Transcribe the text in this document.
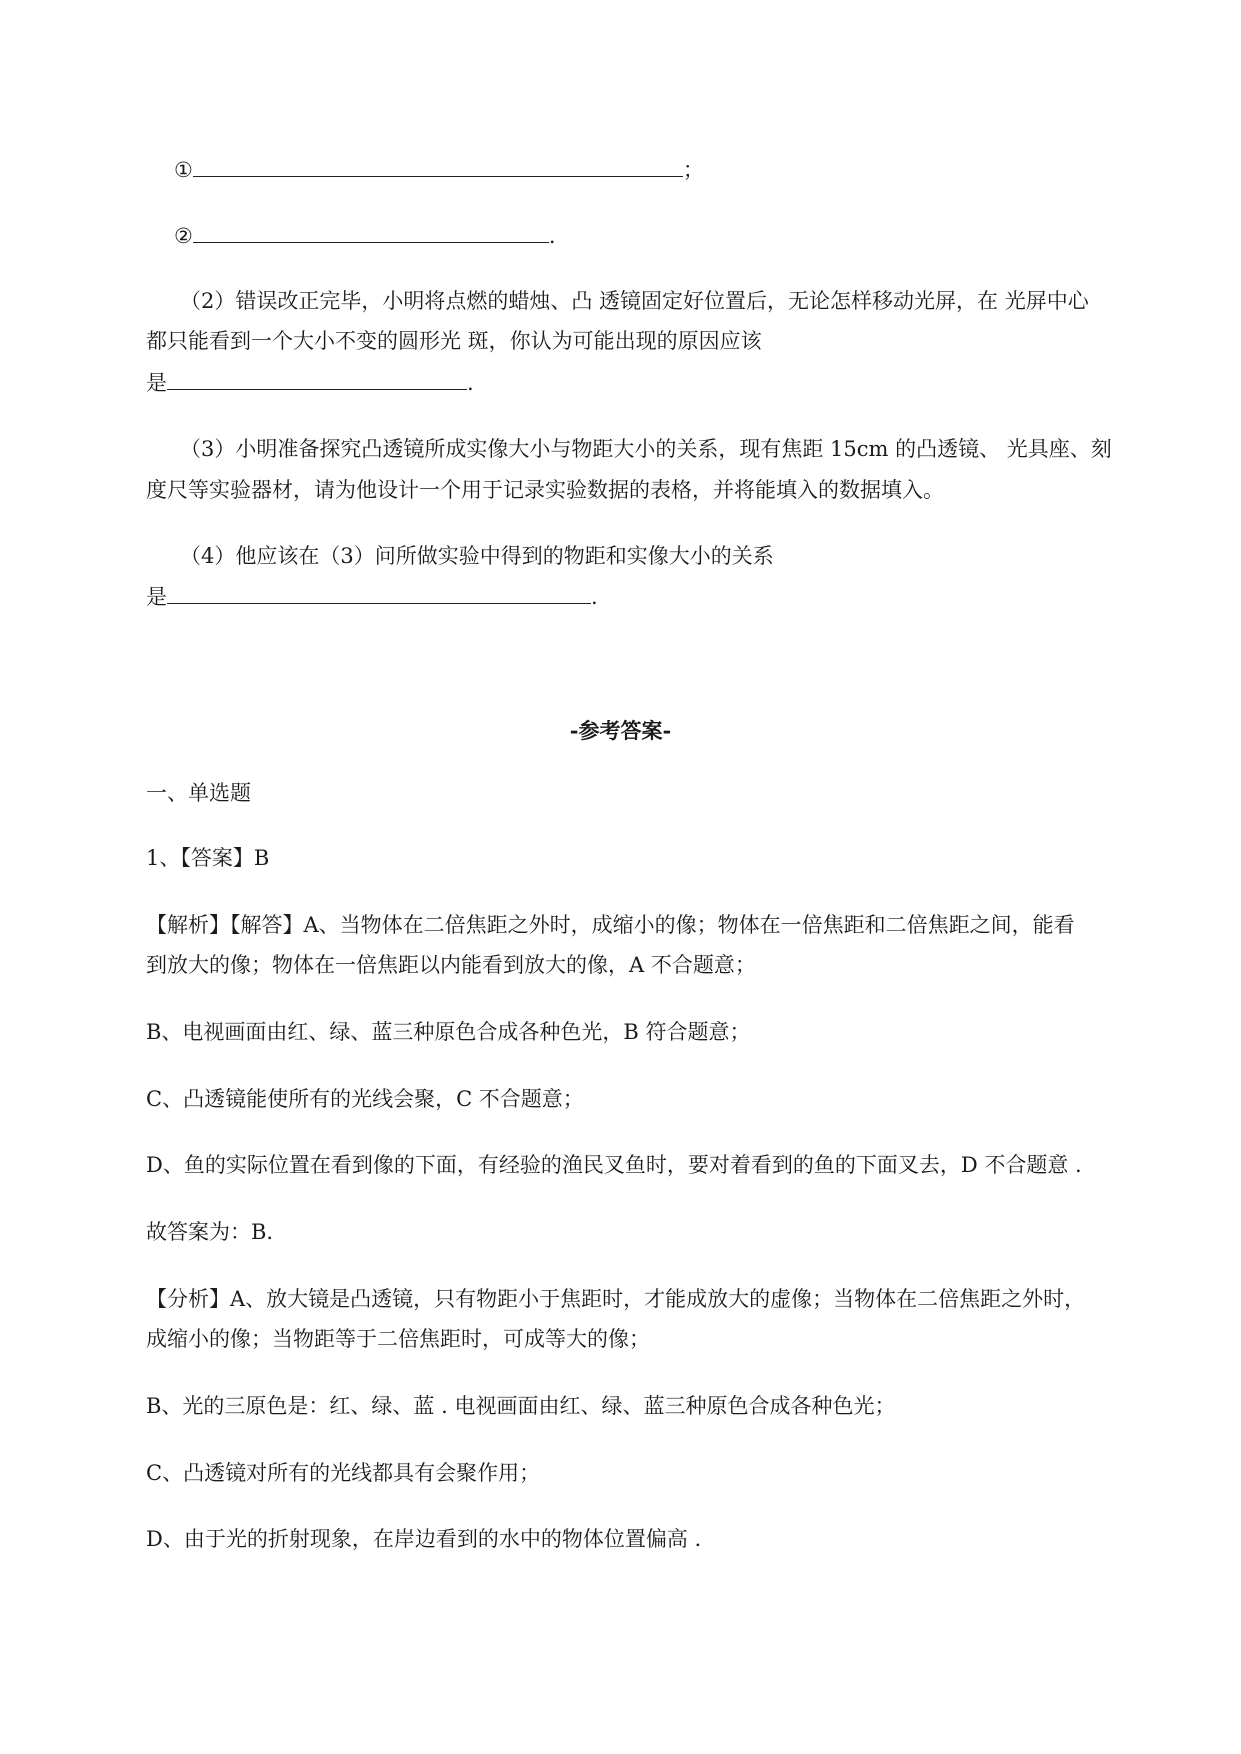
①	；
②	.
（2）错误改正完毕，小明将点燃的蜡烛、凸 透镜固定好位置后，无论怎样移动光屏，在 光屏中心
都只能看到一个大小不变的圆形光 斑，你认为可能出现的原因应该
是	.
（3）小明准备探究凸透镜所成实像大小与物距大小的关系，现有焦距 15cm 的凸透镜、 光具座、刻
度尺等实验器材，请为他设计一个用于记录实验数据的表格，并将能填入的数据填入。
（4）他应该在（3）问所做实验中得到的物距和实像大小的关系
是	.
-参考答案-
一、单选题
1、【答案】B
【解析】【解答】A、当物体在二倍焦距之外时，成缩小的像；物体在一倍焦距和二倍焦距之间，能看
到放大的像；物体在一倍焦距以内能看到放大的像，A 不合题意；
B、电视画面由红、绿、蓝三种原色合成各种色光，B 符合题意；
C、凸透镜能使所有的光线会聚，C 不合题意；
D、鱼的实际位置在看到像的下面，有经验的渔民叉鱼时，要对着看到的鱼的下面叉去，D 不合题意 .
故答案为：B.
【分析】A、放大镜是凸透镜，只有物距小于焦距时，才能成放大的虚像；当物体在二倍焦距之外时，
成缩小的像；当物距等于二倍焦距时，可成等大的像；
B、光的三原色是：红、绿、蓝 . 电视画面由红、绿、蓝三种原色合成各种色光；
C、凸透镜对所有的光线都具有会聚作用；
D、由于光的折射现象，在岸边看到的水中的物体位置偏高 .
